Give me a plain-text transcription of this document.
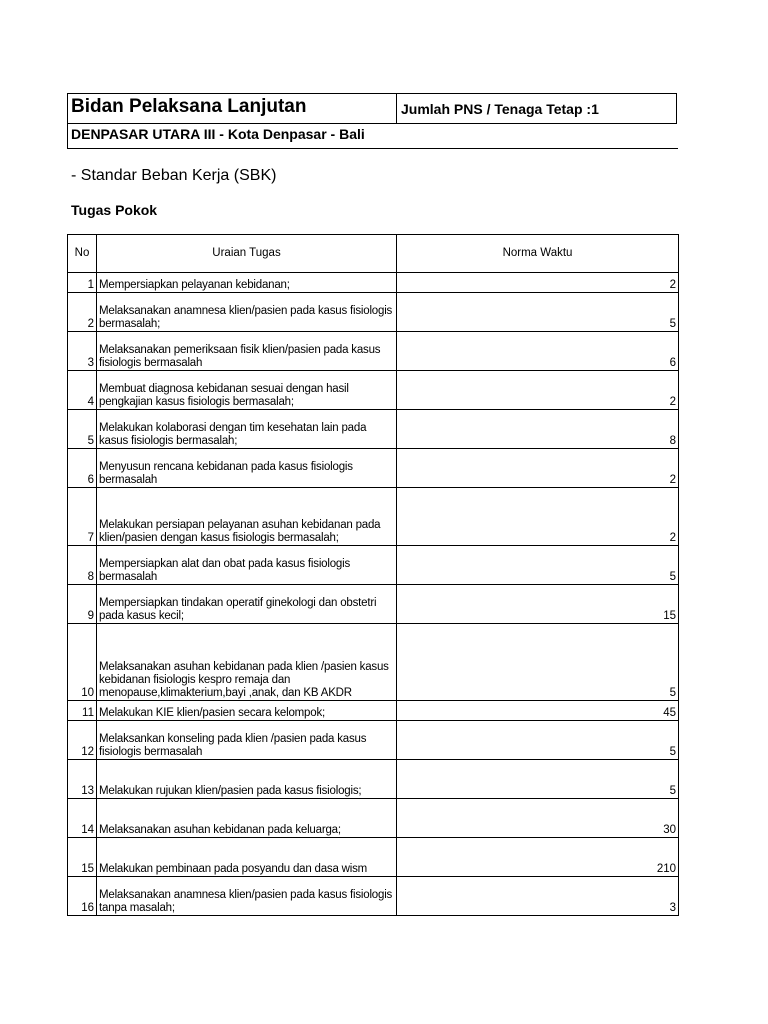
Bidan Pelaksana Lanjutan	Jumlah PNS / Tenaga Tetap :1
DENPASAR UTARA III - Kota Denpasar - Bali
- Standar Beban Kerja (SBK)
Tugas Pokok
No	Uraian Tugas	Norma Waktu
1	Mempersiapkan pelayanan kebidanan;	2
2	Melaksanakan anamnesa klien/pasien pada kasus fisiologis bermasalah;	5
3	Melaksanakan pemeriksaan fisik klien/pasien pada kasus fisiologis bermasalah	6
4	Membuat diagnosa kebidanan sesuai dengan hasil pengkajian kasus fisiologis bermasalah;	2
5	Melakukan kolaborasi dengan tim kesehatan lain pada kasus fisiologis bermasalah;	8
6	Menyusun rencana kebidanan pada kasus fisiologis bermasalah	2
7	Melakukan persiapan pelayanan asuhan kebidanan pada klien/pasien dengan kasus fisiologis bermasalah;	2
8	Mempersiapkan alat dan obat pada kasus fisiologis bermasalah	5
9	Mempersiapkan tindakan operatif ginekologi dan obstetri pada kasus kecil;	15
10	Melaksanakan asuhan kebidanan pada klien /pasien kasus kebidanan fisiologis kespro remaja dan menopause,klimakterium,bayi ,anak, dan KB AKDR	5
11	Melakukan KIE klien/pasien secara kelompok;	45
12	Melaksankan konseling pada klien /pasien pada kasus fisiologis bermasalah	5
13	Melakukan rujukan klien/pasien pada kasus fisiologis;	5
14	Melaksanakan asuhan kebidanan pada keluarga;	30
15	Melakukan pembinaan pada posyandu dan dasa wism	210
16	Melaksanakan anamnesa klien/pasien pada kasus fisiologis tanpa masalah;	3
